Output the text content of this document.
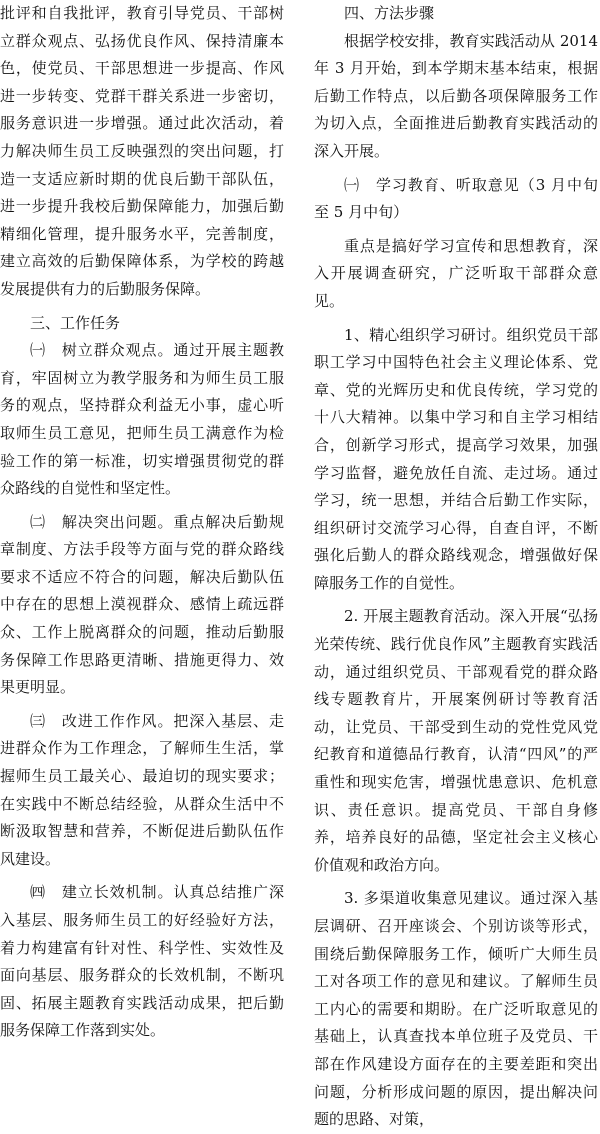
批评和自我批评，教育引导党员、干部树立群众观点、弘扬优良作风、保持清廉本色，使党员、干部思想进一步提高、作风进一步转变、党群干群关系进一步密切，服务意识进一步增强。通过此次活动，着力解决师生员工反映强烈的突出问题，打造一支适应新时期的优良后勤干部队伍，进一步提升我校后勤保障能力，加强后勤精细化管理，提升服务水平，完善制度，建立高效的后勤保障体系，为学校的跨越发展提供有力的后勤服务保障。

三、工作任务

㈠　树立群众观点。通过开展主题教育，牢固树立为教学服务和为师生员工服务的观点，坚持群众利益无小事，虚心听取师生员工意见，把师生员工满意作为检验工作的第一标准，切实增强贯彻党的群众路线的自觉性和坚定性。

㈡　解决突出问题。重点解决后勤规章制度、方法手段等方面与党的群众路线要求不适应不符合的问题，解决后勤队伍中存在的思想上漠视群众、感情上疏远群众、工作上脱离群众的问题，推动后勤服务保障工作思路更清晰、措施更得力、效果更明显。

㈢　改进工作作风。把深入基层、走进群众作为工作理念，了解师生生活，掌握师生员工最关心、最迫切的现实要求；在实践中不断总结经验，从群众生活中不断汲取智慧和营养，不断促进后勤队伍作风建设。

㈣　建立长效机制。认真总结推广深入基层、服务师生员工的好经验好方法，着力构建富有针对性、科学性、实效性及面向基层、服务群众的长效机制，不断巩固、拓展主题教育实践活动成果，把后勤服务保障工作落到实处。

四、方法步骤

根据学校安排，教育实践活动从 2014 年 3 月开始，到本学期末基本结束，根据后勤工作特点，以后勤各项保障服务工作为切入点，全面推进后勤教育实践活动的深入开展。

㈠　学习教育、听取意见（3 月中旬至 5 月中旬）

重点是搞好学习宣传和思想教育，深入开展调查研究，广泛听取干部群众意见。

1、精心组织学习研讨。组织党员干部职工学习中国特色社会主义理论体系、党章、党的光辉历史和优良传统，学习党的十八大精神。以集中学习和自主学习相结合，创新学习形式，提高学习效果，加强学习监督，避免放任自流、走过场。通过学习，统一思想，并结合后勤工作实际，组织研讨交流学习心得，自查自评，不断强化后勤人的群众路线观念，增强做好保障服务工作的自觉性。

2. 开展主题教育活动。深入开展“弘扬光荣传统、践行优良作风”主题教育实践活动，通过组织党员、干部观看党的群众路线专题教育片，开展案例研讨等教育活动，让党员、干部受到生动的党性党风党纪教育和道德品行教育，认清“四风”的严重性和现实危害，增强忧患意识、危机意识、责任意识。提高党员、干部自身修养，培养良好的品德，坚定社会主义核心价值观和政治方向。

3. 多渠道收集意见建议。通过深入基层调研、召开座谈会、个别访谈等形式，围绕后勤保障服务工作，倾听广大师生员工对各项工作的意见和建议。了解师生员工内心的需要和期盼。在广泛听取意见的基础上，认真查找本单位班子及党员、干部在作风建设方面存在的主要差距和突出问题，分析形成问题的原因，提出解决问题的思路、对策，
